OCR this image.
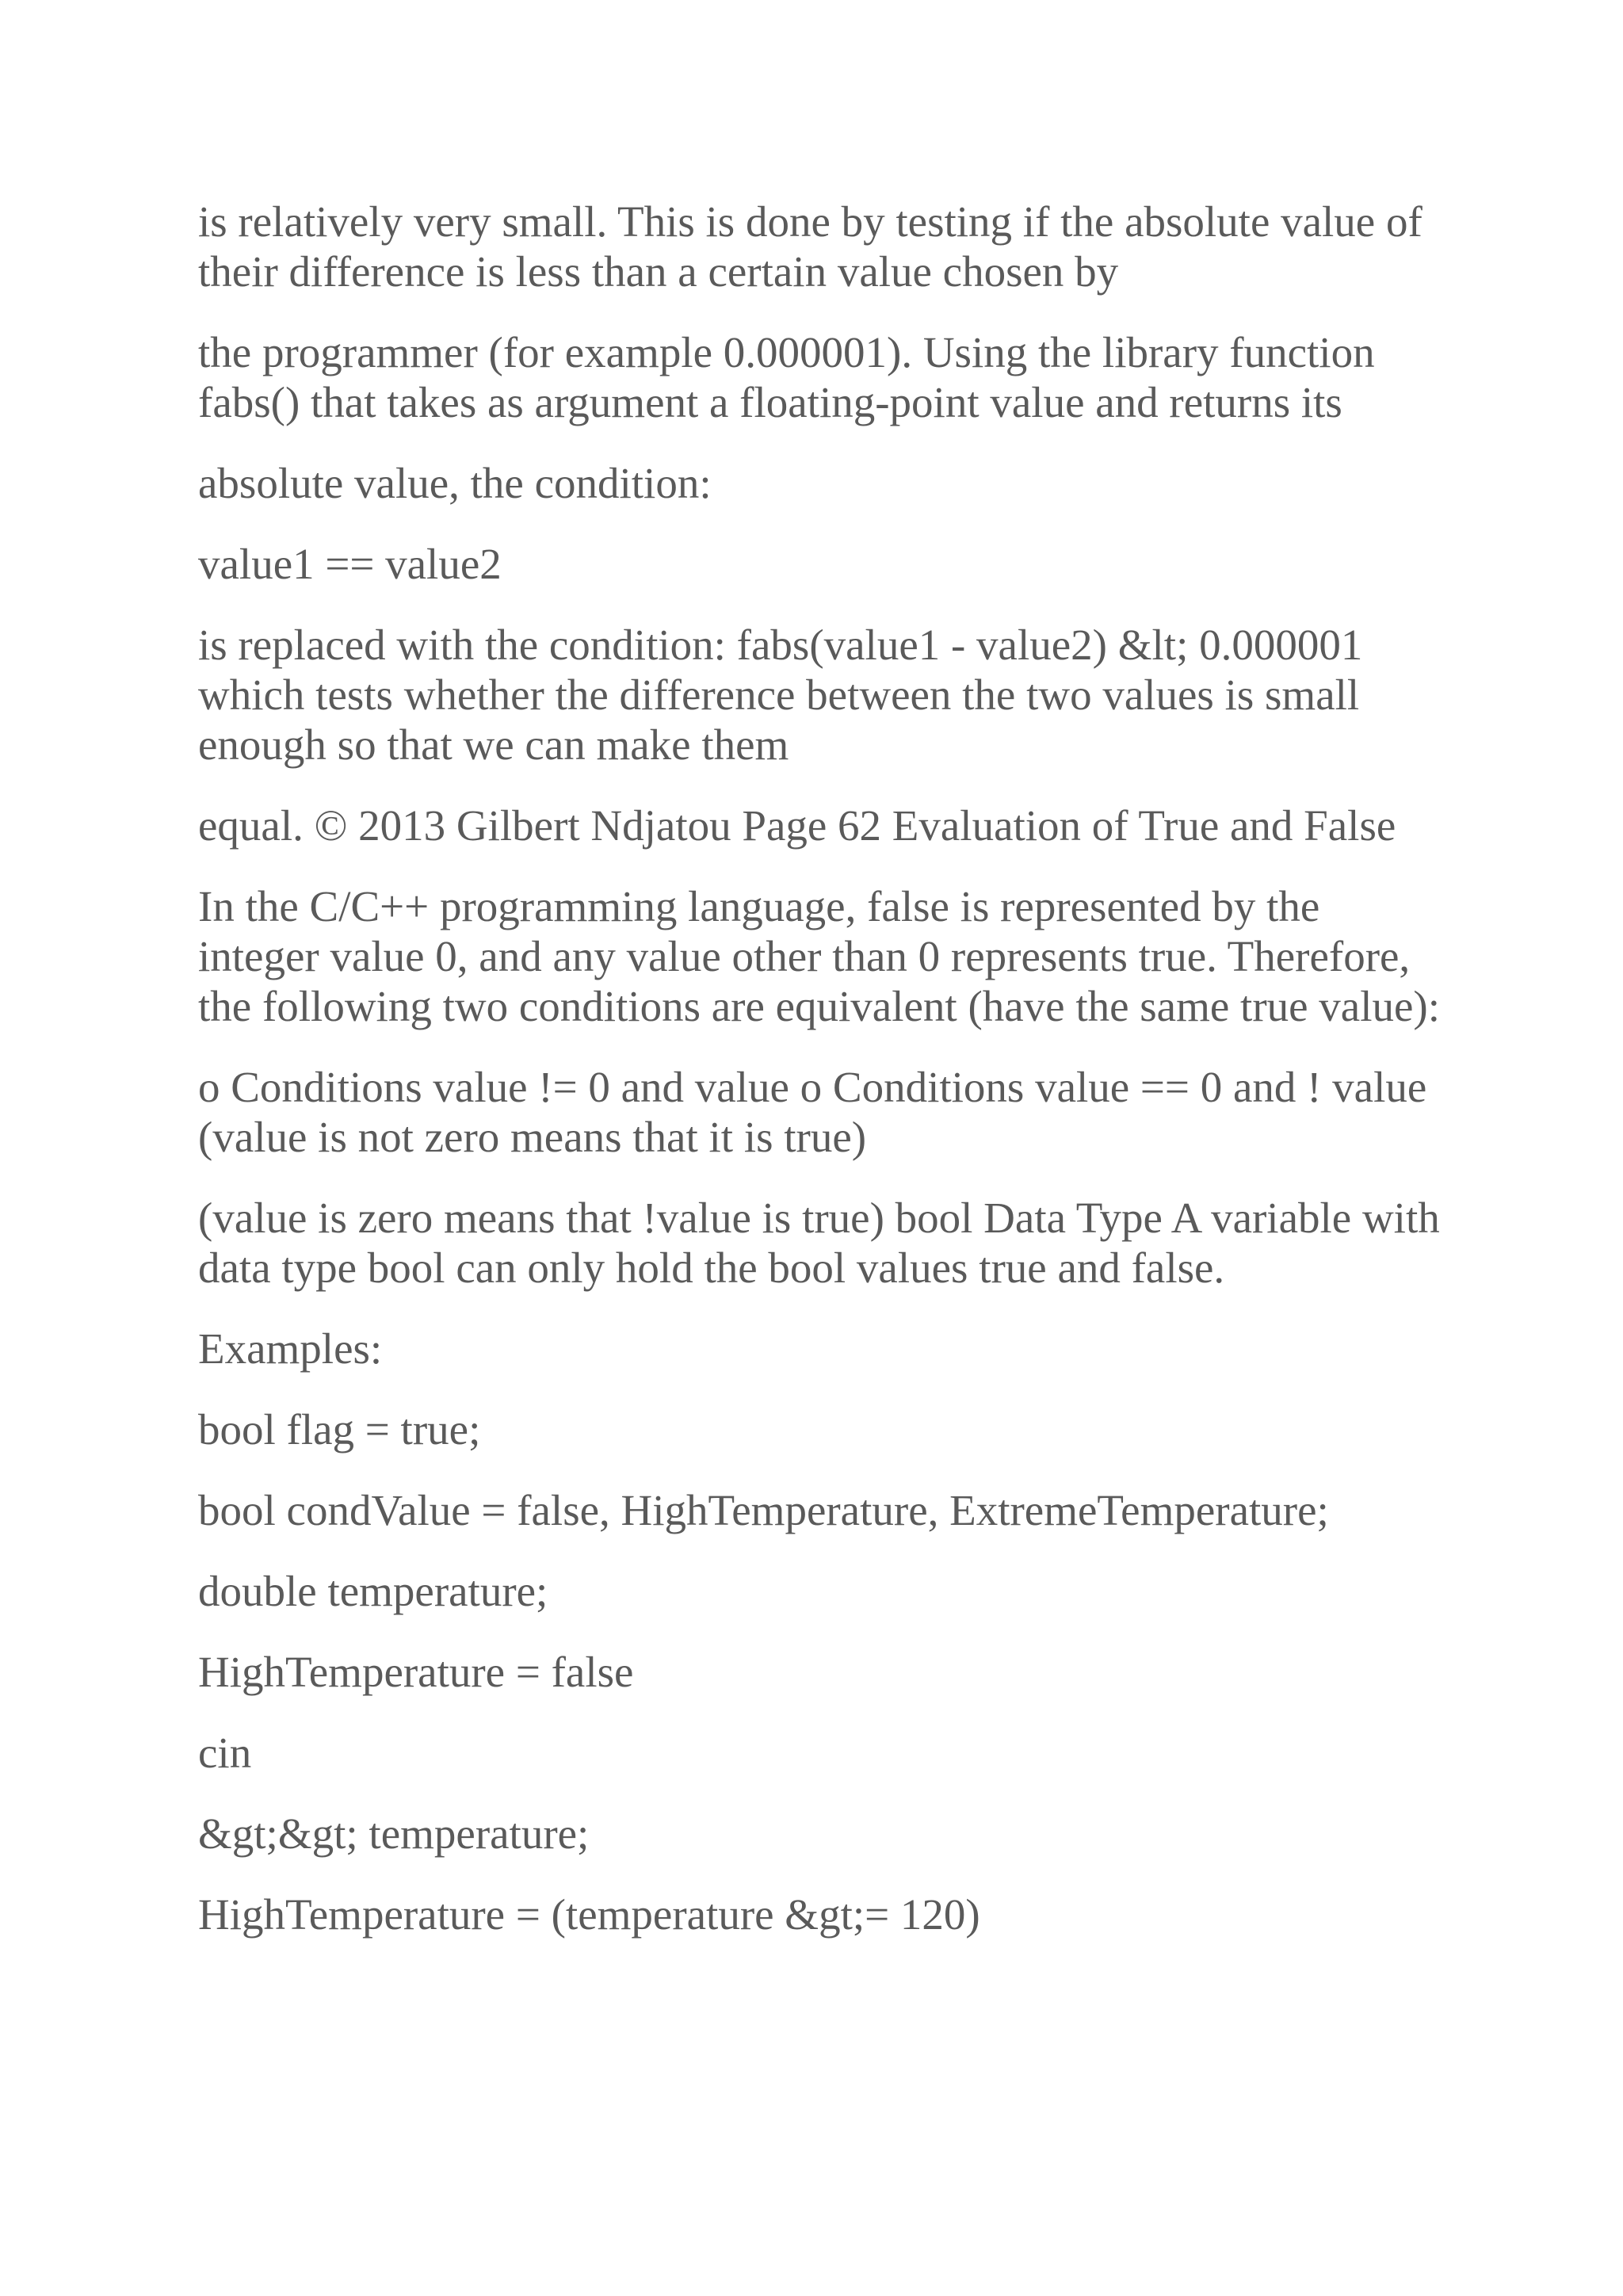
is relatively very small. This is done by testing if the absolute value of their difference is less than a certain value chosen by

the programmer (for example 0.000001). Using the library function fabs() that takes as argument a floating-point value and returns its

absolute value, the condition:

value1 == value2

is replaced with the condition: fabs(value1 - value2) &lt; 0.000001 which tests whether the difference between the two values is small enough so that we can make them

equal. © 2013 Gilbert Ndjatou Page 62 Evaluation of True and False

In the C/C++ programming language, false is represented by the integer value 0, and any value other than 0 represents true. Therefore, the following two conditions are equivalent (have the same true value):

o Conditions value != 0 and value o Conditions value == 0 and ! value (value is not zero means that it is true)

(value is zero means that !value is true) bool Data Type A variable with data type bool can only hold the bool values true and false.

Examples:

bool flag = true;

bool condValue = false, HighTemperature, ExtremeTemperature;

double temperature;

HighTemperature = false

cin

&gt;&gt; temperature;

HighTemperature = (temperature &gt;= 120)
